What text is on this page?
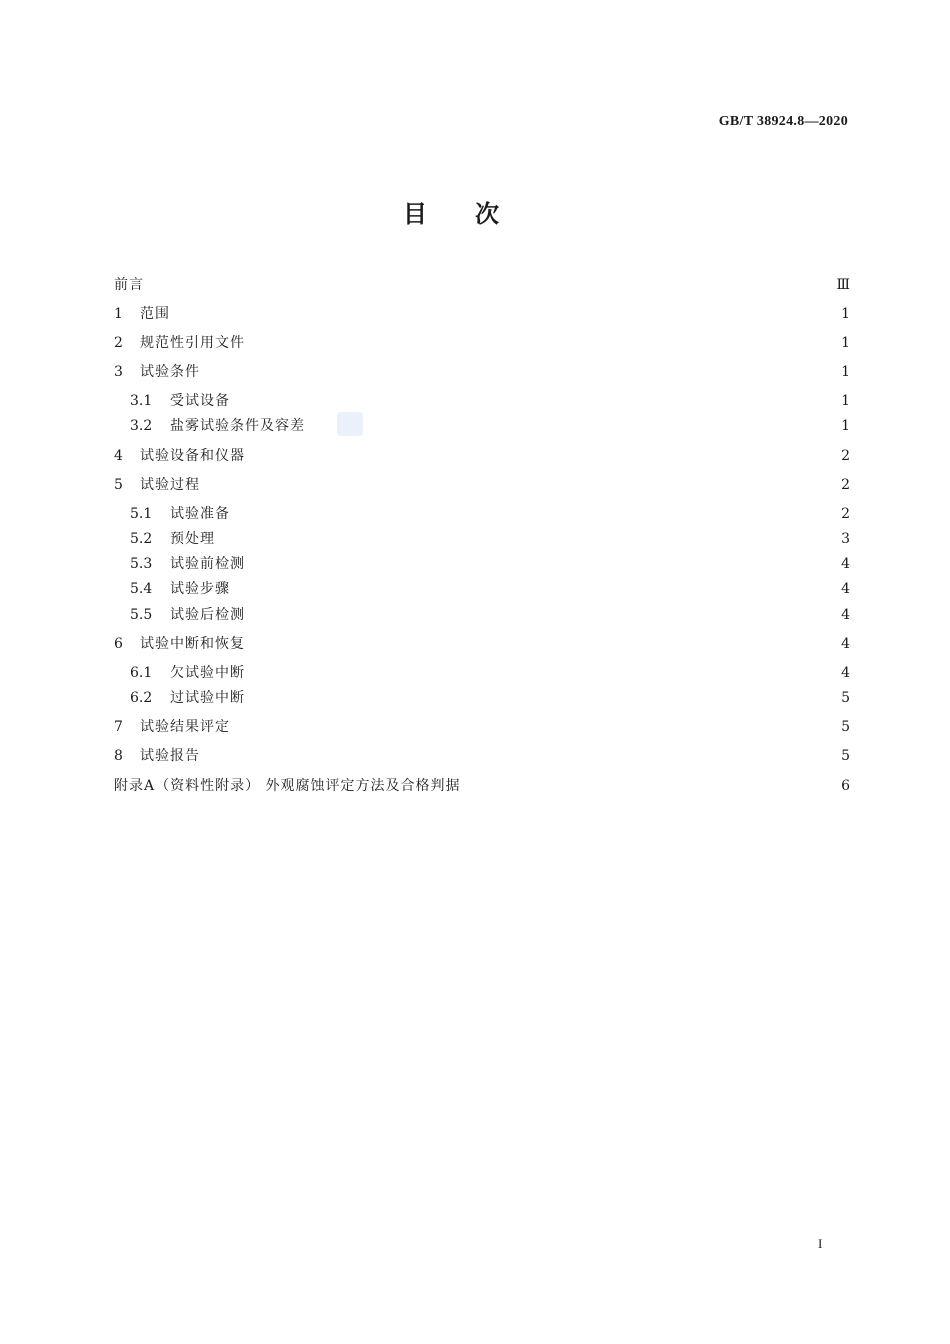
GB/T 38924.8—2020
目次
前言	Ⅲ
1	范围	1
2	规范性引用文件	1
3	试验条件	1
3.1	受试设备	1
3.2	盐雾试验条件及容差	1
4	试验设备和仪器	2
5	试验过程	2
5.1	试验准备	2
5.2	预处理	3
5.3	试验前检测	4
5.4	试验步骤	4
5.5	试验后检测	4
6	试验中断和恢复	4
6.1	欠试验中断	4
6.2	过试验中断	5
7	试验结果评定	5
8	试验报告	5
附录A（资料性附录） 外观腐蚀评定方法及合格判据	6
I
